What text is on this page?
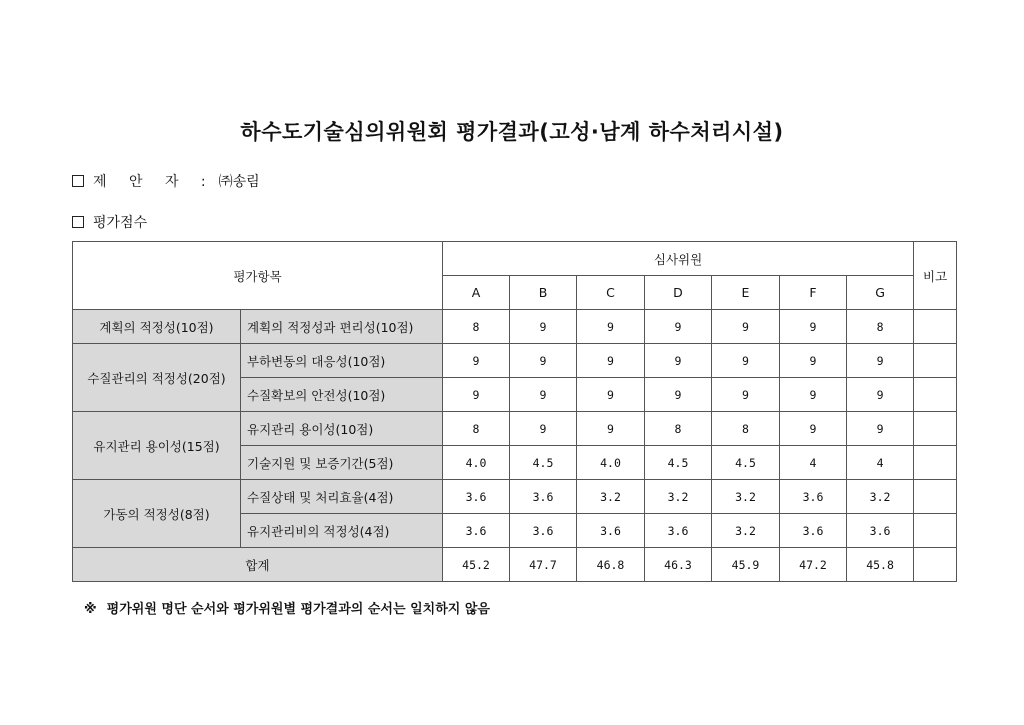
하수도기술심의위원회 평가결과(고성·남계 하수처리시설)
제 안 자 : ㈜송림
평가점수
평가항목		심사위원							비고
		A	B	C	D	E	F	G	
계획의 적정성(10점)	계획의 적정성과 편리성(10점)	8	9	9	9	9	9	8	
수질관리의 적정성(20점)	부하변동의 대응성(10점)	9	9	9	9	9	9	9	
	수질확보의 안전성(10점)	9	9	9	9	9	9	9	
유지관리 용이성(15점)	유지관리 용이성(10점)	8	9	9	8	8	9	9	
	기술지원 및 보증기간(5점)	4.0	4.5	4.0	4.5	4.5	4	4	
가동의 적정성(8점)	수질상태 및 처리효율(4점)	3.6	3.6	3.2	3.2	3.2	3.6	3.2	
	유지관리비의 적정성(4점)	3.6	3.6	3.6	3.6	3.2	3.6	3.6	
합계		45.2	47.7	46.8	46.3	45.9	47.2	45.8	
※ 평가위원 명단 순서와 평가위원별 평가결과의 순서는 일치하지 않음
